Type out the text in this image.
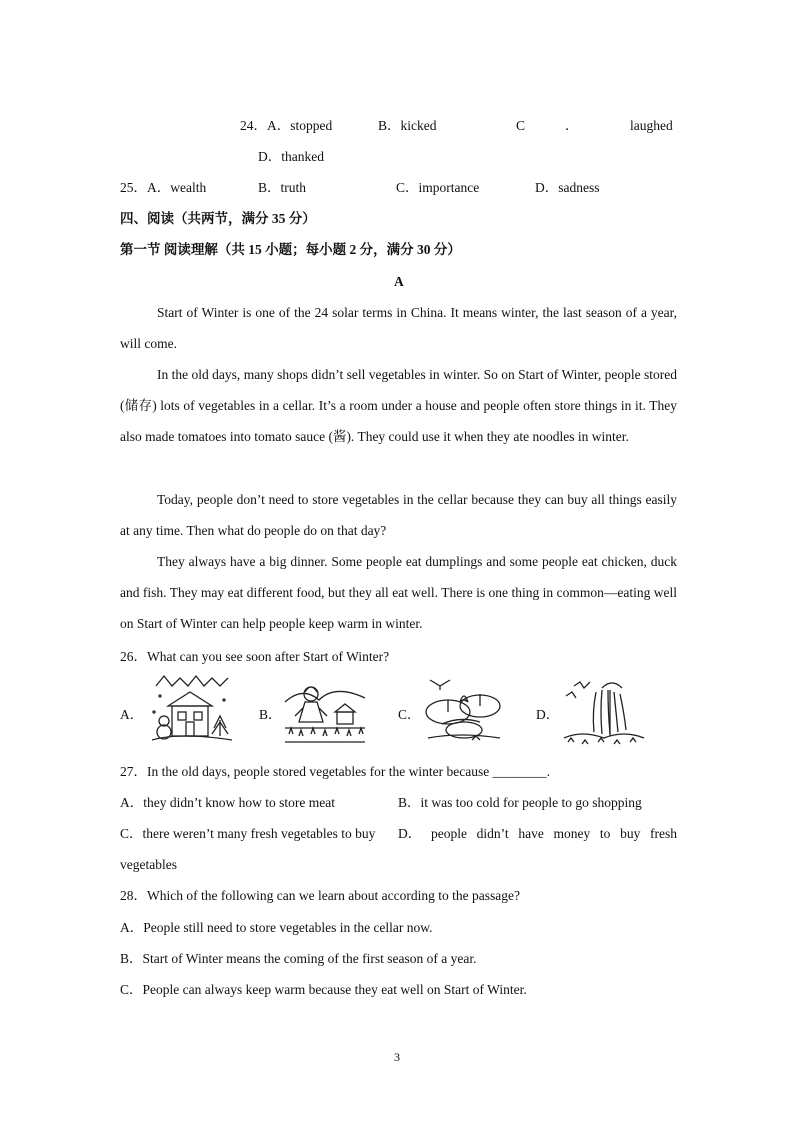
24．A．stopped	B．kicked	C	．	laughed
D．thanked
25．A．wealth	B．truth	C．importance	D．sadness
四、阅读（共两节，满分 35 分）
第一节 阅读理解（共 15 小题；每小题 2 分，满分 30 分）
A
Start of Winter is one of the 24 solar terms in China. It means winter, the last season of a year, will come.
In the old days, many shops didn’t sell vegetables in winter. So on Start of Winter, people stored (储存) lots of vegetables in a cellar. It’s a room under a house and people often store things in it. They also made tomatoes into tomato sauce (酱). They could use it when they ate noodles in winter.
Today, people don’t need to store vegetables in the cellar because they can buy all things easily at any time. Then what do people do on that day?
They always have a big dinner. Some people eat dumplings and some people eat chicken, duck and fish. They may eat different food, but they all eat well. There is one thing in common—eating well on Start of Winter can help people keep warm in winter.
26．What can you see soon after Start of Winter?
A．	B．	C．	D．
27．In the old days, people stored vegetables for the winter because ________.
A．they didn’t know how to store meat	B．it was too cold for people to go shopping
C．there weren’t many fresh vegetables to buy D． people didn’t have money to buy fresh
vegetables
28．Which of the following can we learn about according to the passage?
A．People still need to store vegetables in the cellar now.
B．Start of Winter means the coming of the first season of a year.
C．People can always keep warm because they eat well on Start of Winter.
3
